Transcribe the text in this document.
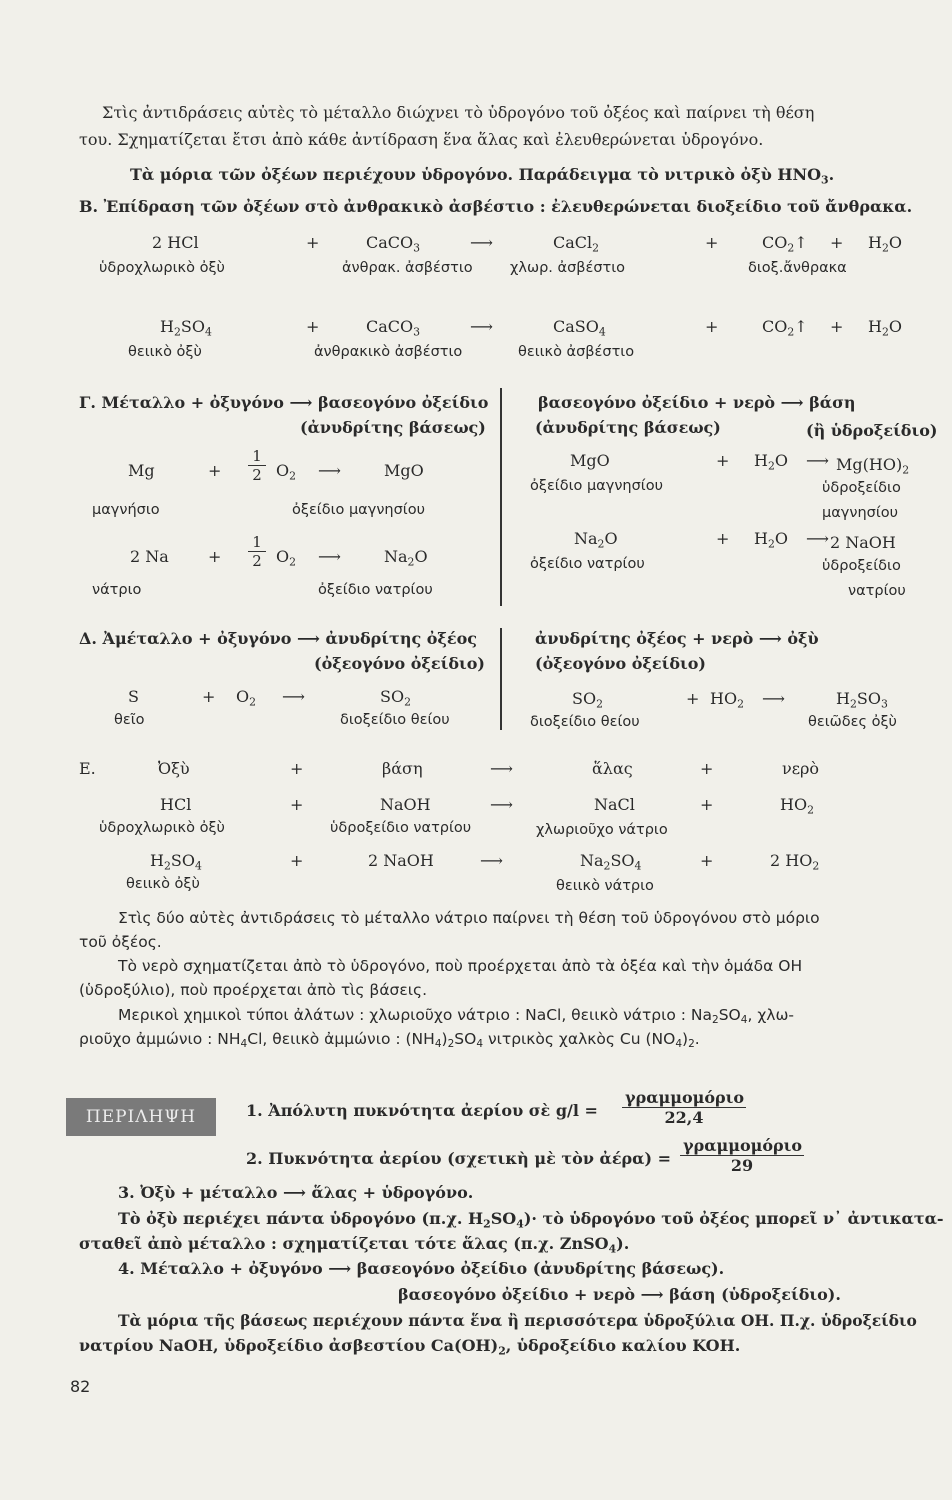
Στὶς ἀντιδράσεις αὐτὲς τὸ μέταλλο διώχνει τὸ ὑδρογόνο τοῦ ὀξέος καὶ παίρνει τὴ θέση
του. Σχηματίζεται ἔτσι ἀπὸ κάθε ἀντίδραση ἕνα ἅλας καὶ ἐλευθερώνεται ὑδρογόνο.
Τὰ μόρια τῶν ὀξέων περιέχουν ὑδρογόνο. Παράδειγμα τὸ νιτρικὸ ὀξὺ $HNO_3$.
Β. Ἐπίδραση τῶν ὀξέων στὸ ἀνθρακικὸ ἀσβέστιο : ἐλευθερώνεται διοξείδιο τοῦ ἄνθρακα.
2 HCl	+	CaCO$_3$	⟶	CaCl$_2$	+	$CO_2↑ + H_2O$
ὑδροχλωρικὸ ὀξὺ	ἀνθρακ. ἀσβέστιο	χλωρ. ἀσβέστιο	διοξ.ἄνθρακα
$H_2SO_4$	+	CaCO$_3$	⟶	CaSO$_4$	+	$CO_2↑ + H_2O$
θειικὸ ὀξὺ	ἀνθρακικὸ ἀσβέστιο	θειικὸ ἀσβέστιο
Γ. Μέταλλο + ὀξυγόνο ⟶ βασεογόνο ὀξείδιο
(ἀνυδρίτης βάσεως)
βασεογόνο ὀξείδιο + νερὸ ⟶ βάση
(ἀνυδρίτης βάσεως)	(ἢ ὑδροξείδιο)
Mg	+ $\frac{1}{2} O_2$ ⟶	MgO
μαγνήσιο	ὀξείδιο μαγνησίου
MgO	+ $H_2O$ ⟶ $Mg(HO)_2$
ὀξείδιο μαγνησίου	ὑδροξείδιο
μαγνησίου
2 $Na + \frac{1}{2} O_2$ ⟶	$Na_2O$
νάτριο	ὀξείδιο νατρίου
$Na_2O$	+ $H_2O$ ⟶ 2 NaOH
ὀξείδιο νατρίου	ὑδροξείδιο
νατρίου
Δ. Ἀμέταλλο + ὀξυγόνο ⟶ ἀνυδρίτης ὀξέος
(ὀξεογόνο ὀξείδιο)
ἀνυδρίτης ὀξέος + νερὸ ⟶ ὀξὺ
(ὀξεογόνο ὀξείδιο)
S	+ $O_2$ ⟶	$SO_2$
θεῖο	διοξείδιο θείου
$SO_2$	+ $HO_2$ ⟶	$H_2SO_3$
διοξείδιο θείου	θειῶδες ὀξὺ
Ε.	Ὀξὺ	+	βάση	⟶	ἅλας	+	νερὸ
HCl	+	NaOH	⟶	NaCl	+	$HO_2$
ὑδροχλωρικὸ ὀξὺ	ὑδροξείδιο νατρίου	χλωριοῦχο νάτριο
$H_2SO_4$	+	2 NaOH	⟶	$Na_2SO_4$	+	2 $HO_2$
θειικὸ ὀξὺ	θειικὸ νάτριο
Στὶς δύο αὐτὲς ἀντιδράσεις τὸ μέταλλο νάτριο παίρνει τὴ θέση τοῦ ὑδρογόνου στὸ μόριο
τοῦ ὀξέος.
Τὸ νερὸ σχηματίζεται ἀπὸ τὸ ὑδρογόνο, ποὺ προέρχεται ἀπὸ τὰ ὀξέα καὶ τὴν ὁμάδα ΟΗ
(ὑδροξύλιο), ποὺ προέρχεται ἀπὸ τὶς βάσεις.
Μερικοὶ χημικοὶ τύποι ἀλάτων : χλωριοῦχο νάτριο : NaCl, θειικὸ νάτριο : $Na_2SO_4$, χλω-
ριοῦχο ἀμμώνιο : $NH_4Cl$, θειικὸ ἀμμώνιο : $(NH_4)_2SO_4$ νιτρικὸς χαλκὸς Cu $(NO_4)_2$.
ΠΕΡΙΛΗΨΗ	1. Ἀπόλυτη πυκνότητα ἀερίου σὲ g/l =
γραμμομόριο
22,4
2. Πυκνότητα ἀερίου (σχετικὴ μὲ τὸν ἀέρα) =
γραμμομόριο
29
3. Ὀξὺ + μέταλλο ⟶ ἅλας + ὑδρογόνο.
Τὸ ὀξὺ περιέχει πάντα ὑδρογόνο (π.χ. $H_2SO_4)\cdot$ τὸ ὑδρογόνο τοῦ ὀξέος μπορεῖ ν᾽ ἀντικατα-
σταθεῖ ἀπὸ μέταλλο : σχηματίζεται τότε ἅλας (π.χ. ZnSO$_4$).
4. Μέταλλο + ὀξυγόνο ⟶ βασεογόνο ὀξείδιο (ἀνυδρίτης βάσεως).
βασεογόνο ὀξείδιο + νερὸ ⟶ βάση (ὑδροξείδιο).
Τὰ μόρια τῆς βάσεως περιέχουν πάντα ἕνα ἢ περισσότερα ὑδροξύλια ΟΗ. Π.χ. ὑδροξείδιο
νατρίου NaOH, ὑδροξείδιο ἀσβεστίου $Ca(OH)_2$, ὑδροξείδιο καλίου KOH.
82
